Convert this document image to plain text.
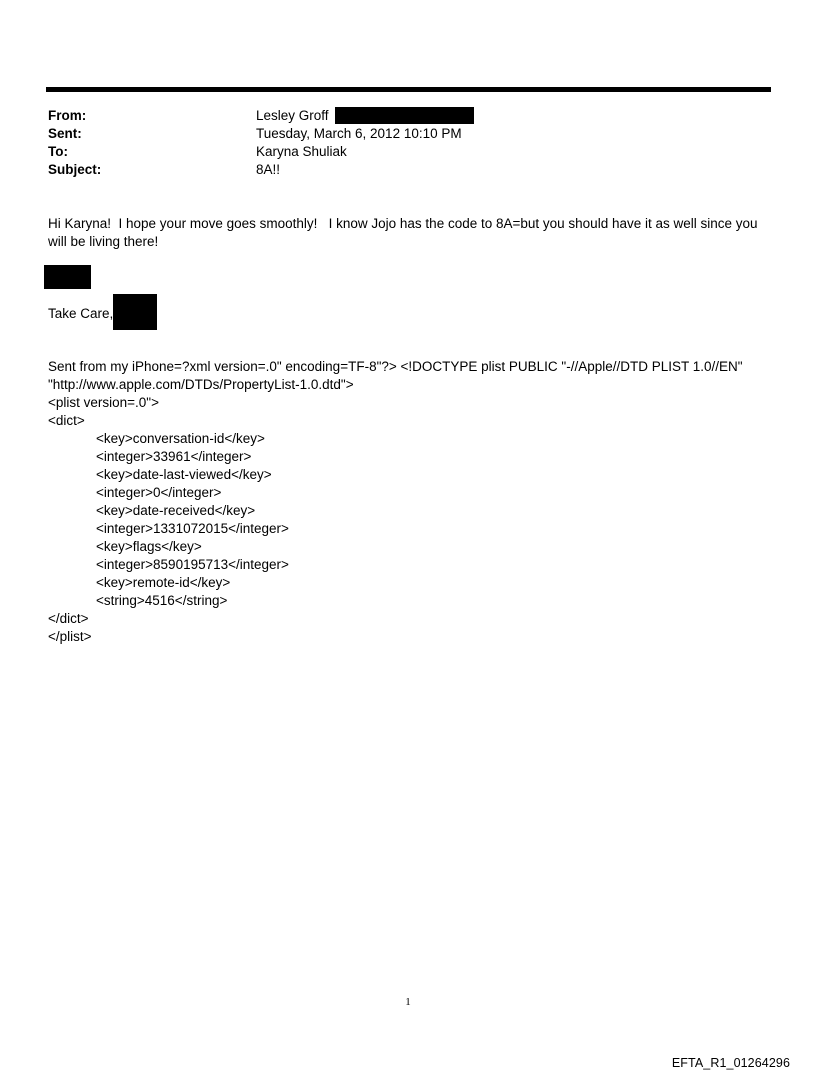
From:	Lesley Groff
Sent:	Tuesday, March 6, 2012 10:10 PM
To:	Karyna Shuliak
Subject:	8A!!
Hi Karyna!  I hope your move goes smoothly!   I know Jojo has the code to 8A=but you should have it as well since you
will be living there!
Take Care,
Sent from my iPhone=?xml version=.0" encoding=TF-8"?> <!DOCTYPE plist PUBLIC "-//Apple//DTD PLIST 1.0//EN"
"http://www.apple.com/DTDs/PropertyList-1.0.dtd">
<plist version=.0">
<dict>
<key>conversation-id</key>
<integer>33961</integer>
<key>date-last-viewed</key>
<integer>0</integer>
<key>date-received</key>
<integer>1331072015</integer>
<key>flags</key>
<integer>8590195713</integer>
<key>remote-id</key>
<string>4516</string>
</dict>
</plist>
1
EFTA_R1_01264296
